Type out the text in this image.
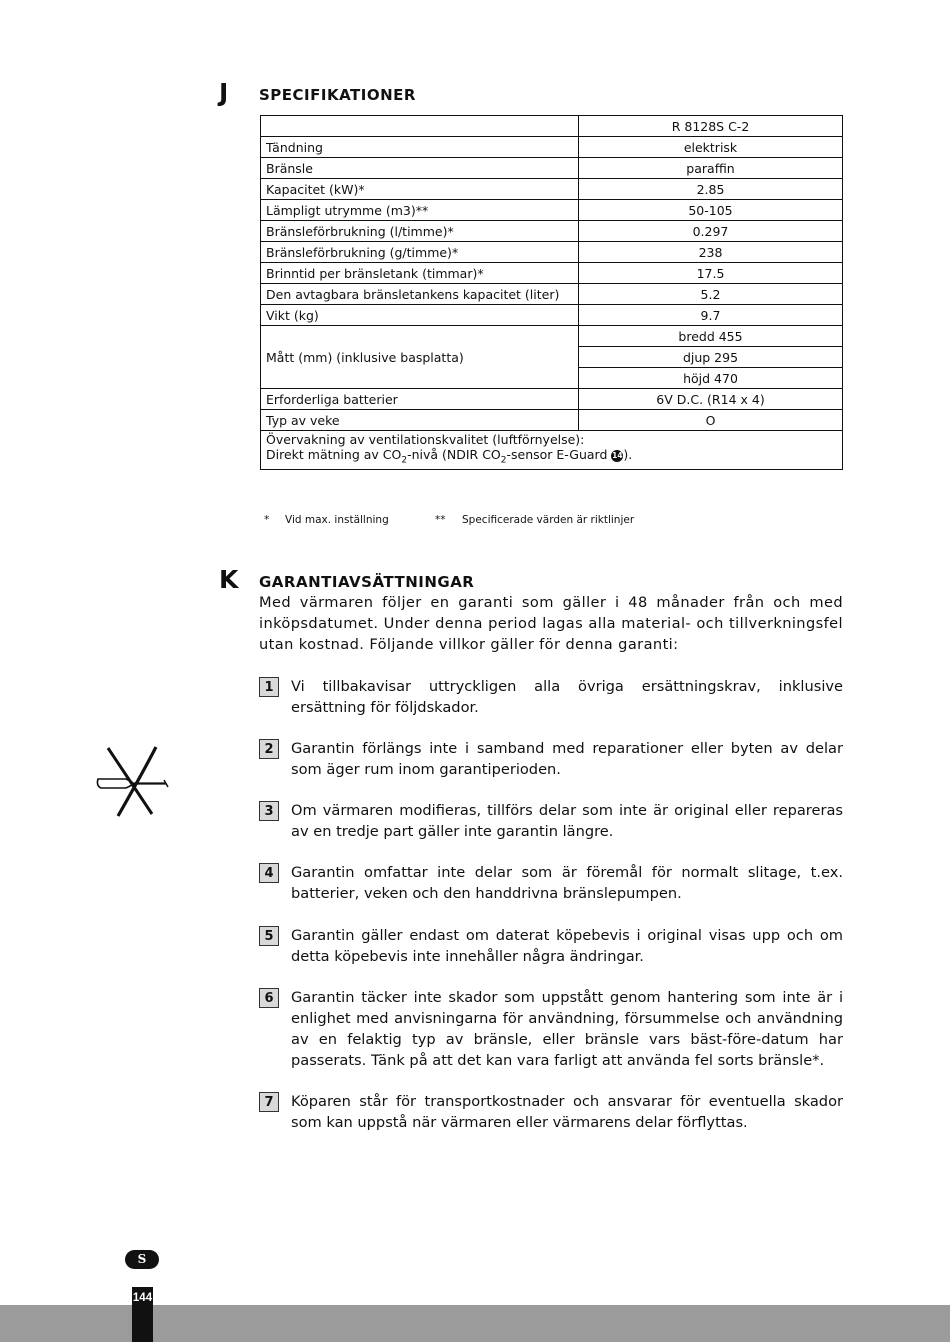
J SPECIFIKATIONER
	R 8128S C-2
Tändning	elektrisk
Bränsle	paraffin
Kapacitet (kW)*	2.85
Lämpligt utrymme (m3)**	50-105
Bränsleförbrukning (l/timme)*	0.297
Bränsleförbrukning (g/timme)*	238
Brinntid per bränsletank (timmar)*	17.5
Den avtagbara bränsletankens kapacitet (liter)	5.2
Vikt (kg)	9.7
Mått (mm) (inklusive basplatta)	bredd 455
	djup 295
	höjd 470
Erforderliga batterier	6V D.C. (R14 x 4)
Typ av veke	O

Övervakning av ventilationskvalitet (luftförnyelse):
Direkt mätning av $CO_2$-nivå (NDIR $CO_2$-sensor E-Guard 14).	
* Vid max. inställning	** Specificerade värden är riktlinjer
K GARANTIAVSÄTTNINGAR
Med värmaren följer en garanti som gäller i 48 månader från och med inköpsdatumet. Under denna period lagas alla material- och tillverkningsfel utan kostnad. Följande villkor gäller för denna garanti:
1	Vi tillbakavisar uttryckligen alla övriga ersättningskrav, inklusive ersättning för följdskador.
2	Garantin förlängs inte i samband med reparationer eller byten av delar som äger rum inom garantiperioden.
3	Om värmaren modifieras, tillförs delar som inte är original eller repareras av en tredje part gäller inte garantin längre.
4	Garantin omfattar inte delar som är föremål för normalt slitage, t.ex. batterier, veken och den handdrivna bränslepumpen.
5	Garantin gäller endast om daterat köpebevis i original visas upp och om detta köpebevis inte innehåller några ändringar.
6	Garantin täcker inte skador som uppstått genom hantering som inte är i enlighet med anvisningarna för användning, försummelse och användning av en felaktig typ av bränsle, eller bränsle vars bäst-före-datum har passerats. Tänk på att det kan vara farligt att använda fel sorts bränsle*.
7	Köparen står för transportkostnader och ansvarar för eventuella skador som kan uppstå när värmaren eller värmarens delar förflyttas.
S
144
